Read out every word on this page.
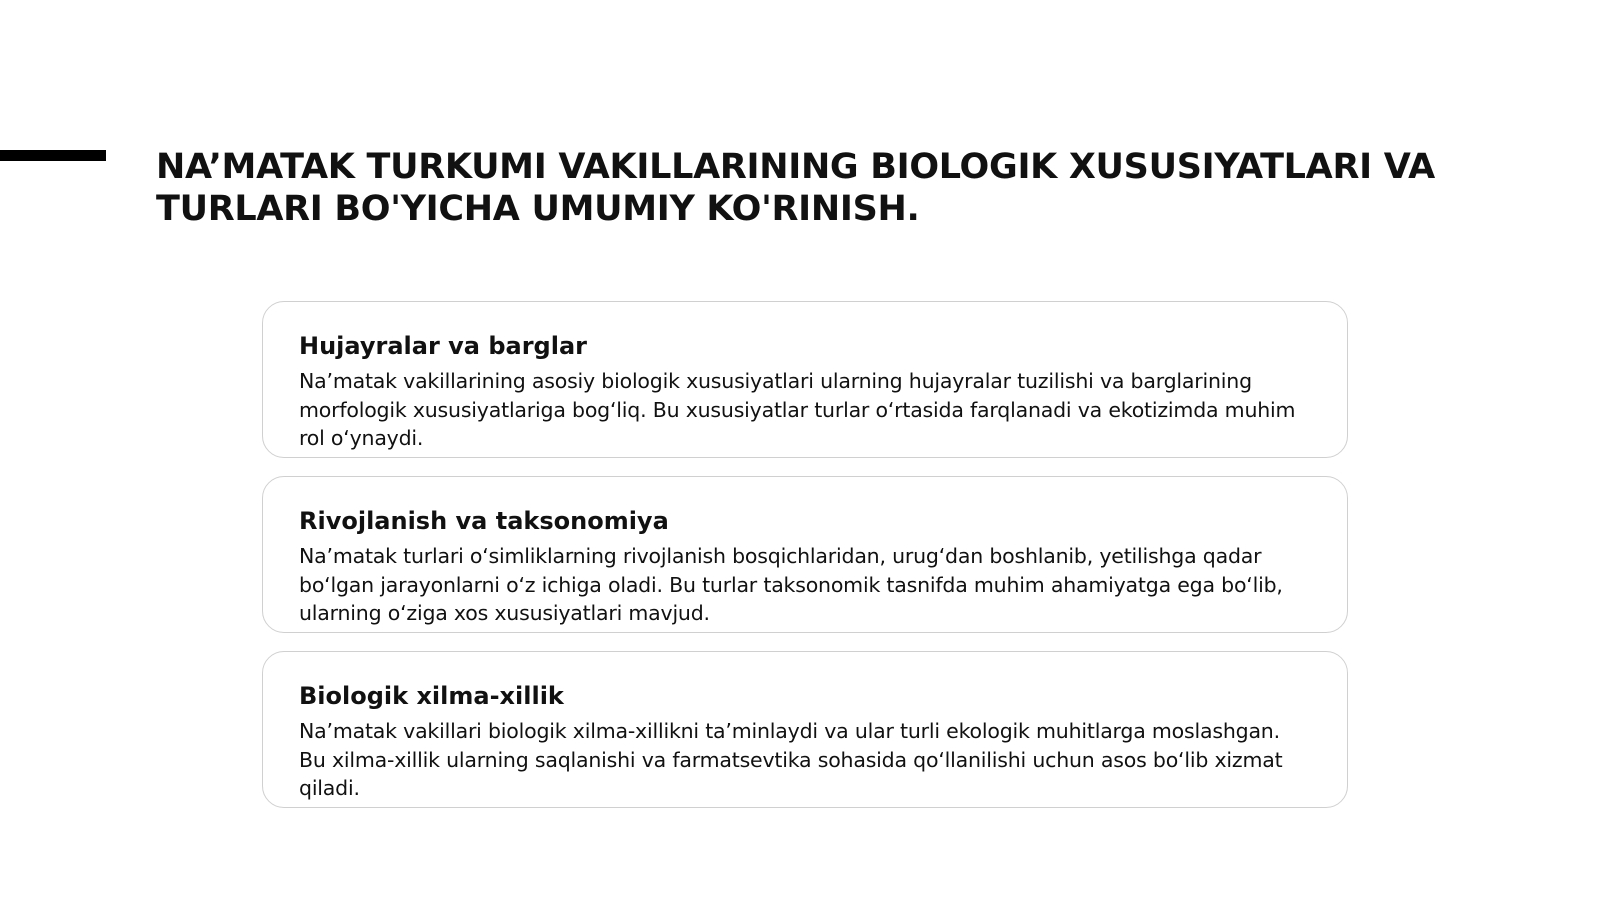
NA’MATAK TURKUMI VAKILLARINING BIOLOGIK XUSUSIYATLARI VA TURLARI BO'YICHA UMUMIY KO'RINISH.
Hujayralar va barglar

Na’matak vakillarining asosiy biologik xususiyatlari ularning hujayralar tuzilishi va barglarining morfologik xususiyatlariga bog‘liq. Bu xususiyatlar turlar o‘rtasida farqlanadi va ekotizimda muhim rol o‘ynaydi.

Rivojlanish va taksonomiya

Na’matak turlari o‘simliklarning rivojlanish bosqichlaridan, urug‘dan boshlanib, yetilishga qadar bo‘lgan jarayonlarni o‘z ichiga oladi. Bu turlar taksonomik tasnifda muhim ahamiyatga ega bo‘lib, ularning o‘ziga xos xususiyatlari mavjud.

Biologik xilma-xillik

Na’matak vakillari biologik xilma-xillikni ta’minlaydi va ular turli ekologik muhitlarga moslashgan. Bu xilma-xillik ularning saqlanishi va farmatsevtika sohasida qo‘llanilishi uchun asos bo‘lib xizmat qiladi.
